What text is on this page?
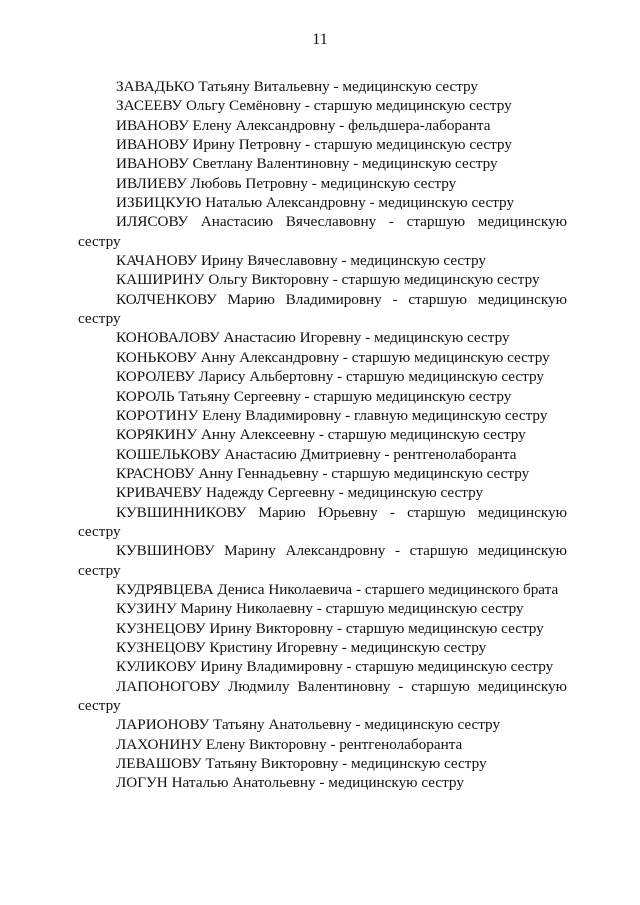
11

ЗАВАДЬКО Татьяну Витальевну - медицинскую сестру

ЗАСЕЕВУ Ольгу Семёновну - старшую медицинскую сестру

ИВАНОВУ Елену Александровну - фельдшера-лаборанта

ИВАНОВУ Ирину Петровну - старшую медицинскую сестру

ИВАНОВУ Светлану Валентиновну - медицинскую сестру

ИВЛИЕВУ Любовь Петровну - медицинскую сестру

ИЗБИЦКУЮ Наталью Александровну - медицинскую сестру

ИЛЯСОВУ Анастасию Вячеславовну - старшую медицинскую сестру

КАЧАНОВУ Ирину Вячеславовну - медицинскую сестру

КАШИРИНУ Ольгу Викторовну - старшую медицинскую сестру

КОЛЧЕНКОВУ Марию Владимировну - старшую медицинскую сестру

КОНОВАЛОВУ Анастасию Игоревну - медицинскую сестру

КОНЬКОВУ Анну Александровну - старшую медицинскую сестру

КОРОЛЕВУ Ларису Альбертовну - старшую медицинскую сестру

КОРОЛЬ Татьяну Сергеевну - старшую медицинскую сестру

КОРОТИНУ Елену Владимировну - главную медицинскую сестру

КОРЯКИНУ Анну Алексеевну - старшую медицинскую сестру

КОШЕЛЬКОВУ Анастасию Дмитриевну - рентгенолаборанта

КРАСНОВУ Анну Геннадьевну - старшую медицинскую сестру

КРИВАЧЕВУ Надежду Сергеевну - медицинскую сестру

КУВШИННИКОВУ Марию Юрьевну - старшую медицинскую сестру

КУВШИНОВУ Марину Александровну - старшую медицинскую сестру

КУДРЯВЦЕВА Дениса Николаевича - старшего медицинского брата

КУЗИНУ Марину Николаевну - старшую медицинскую сестру

КУЗНЕЦОВУ Ирину Викторовну - старшую медицинскую сестру

КУЗНЕЦОВУ Кристину Игоревну - медицинскую сестру

КУЛИКОВУ Ирину Владимировну - старшую медицинскую сестру

ЛАПОНОГОВУ Людмилу Валентиновну - старшую медицинскую сестру

ЛАРИОНОВУ Татьяну Анатольевну - медицинскую сестру

ЛАХОНИНУ Елену Викторовну - рентгенолаборанта

ЛЕВАШОВУ Татьяну Викторовну - медицинскую сестру

ЛОГУН Наталью Анатольевну - медицинскую сестру
